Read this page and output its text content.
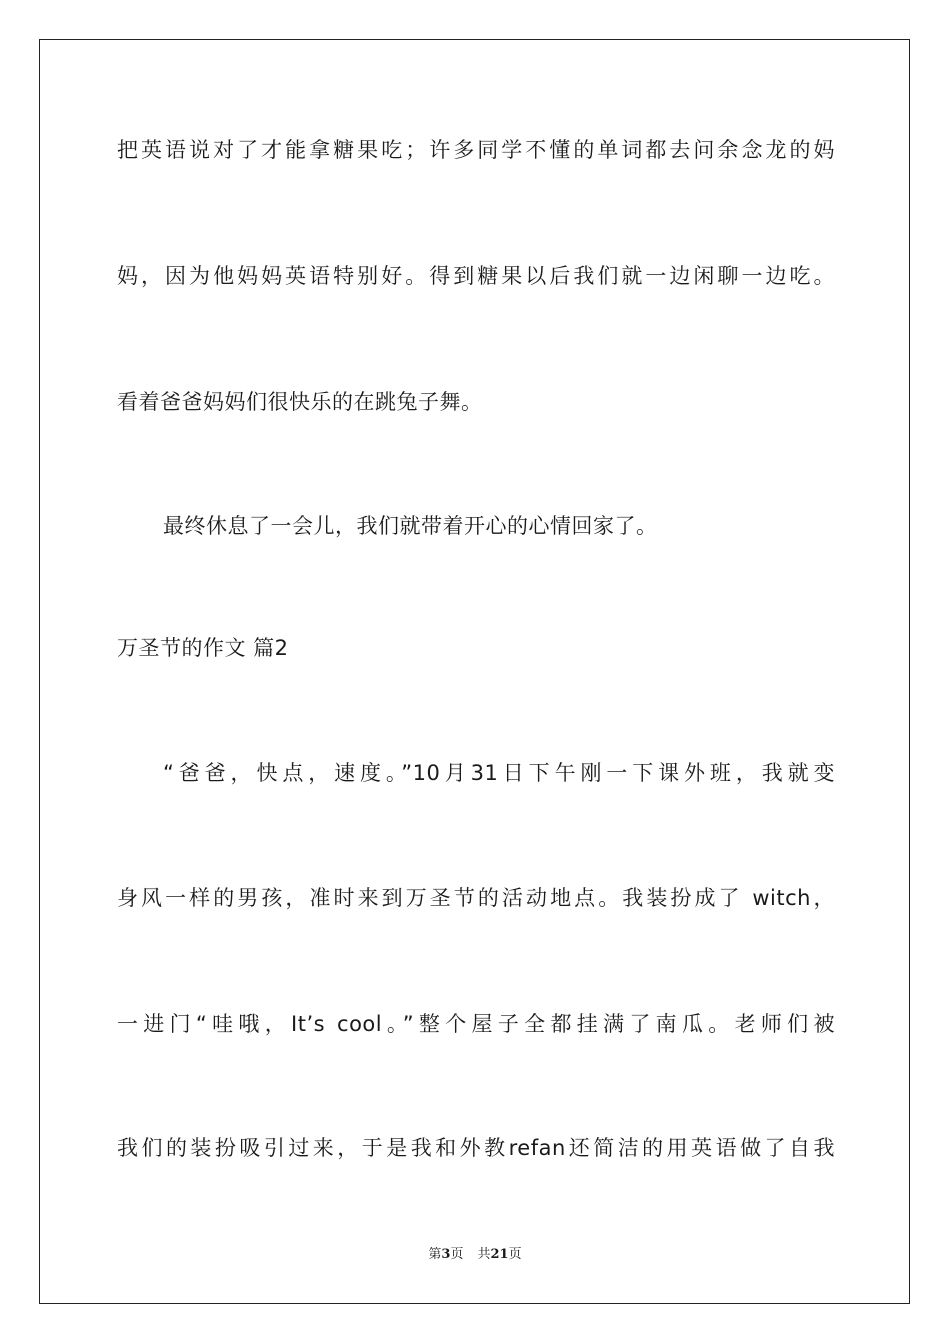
把英语说对了才能拿糖果吃；许多同学不懂的单词都去问余念龙的妈
妈，因为他妈妈英语特别好。得到糖果以后我们就一边闲聊一边吃。
看着爸爸妈妈们很快乐的在跳兔子舞。
最终休息了一会儿，我们就带着开心的心情回家了。
万圣节的作文 篇2
“爸爸，快点，速度。”10月31日下午刚一下课外班，我就变
身风一样的男孩，准时来到万圣节的活动地点。我装扮成了 witch，
一进门“哇哦，It’s cool。”整个屋子全都挂满了南瓜。老师们被
我们的装扮吸引过来，于是我和外教refan还简洁的用英语做了自我
第3页 共21页
